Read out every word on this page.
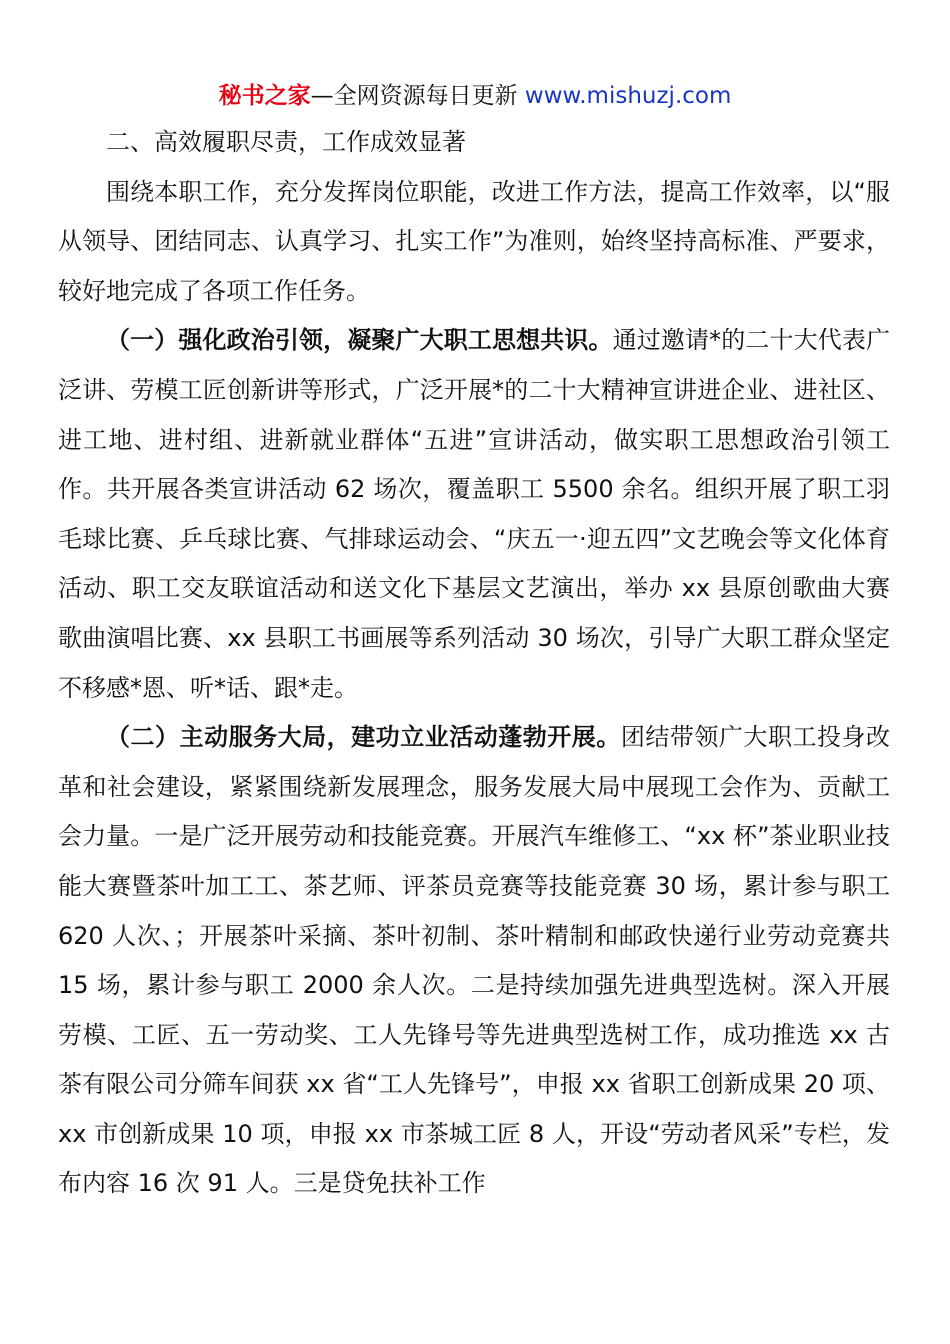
秘书之家—全网资源每日更新 www.mishuzj.com

二、高效履职尽责，工作成效显著

围绕本职工作，充分发挥岗位职能，改进工作方法，提高工作效率，以“服从领导、团结同志、认真学习、扎实工作”为准则，始终坚持高标准、严要求，较好地完成了各项工作任务。

（一）强化政治引领，凝聚广大职工思想共识。通过邀请*的二十大代表广泛讲、劳模工匠创新讲等形式，广泛开展*的二十大精神宣讲进企业、进社区、进工地、进村组、进新就业群体“五进”宣讲活动，做实职工思想政治引领工作。共开展各类宣讲活动 62 场次，覆盖职工 5500 余名。组织开展了职工羽毛球比赛、乒乓球比赛、气排球运动会、“庆五一·迎五四”文艺晚会等文化体育活动、职工交友联谊活动和送文化下基层文艺演出，举办 xx 县原创歌曲大赛歌曲演唱比赛、xx 县职工书画展等系列活动 30 场次，引导广大职工群众坚定不移感*恩、听*话、跟*走。

（二）主动服务大局，建功立业活动蓬勃开展。团结带领广大职工投身改革和社会建设，紧紧围绕新发展理念，服务发展大局中展现工会作为、贡献工会力量。一是广泛开展劳动和技能竞赛。开展汽车维修工、“xx 杯”茶业职业技能大赛暨茶叶加工工、茶艺师、评茶员竞赛等技能竞赛 30 场，累计参与职工 620 人次、；开展茶叶采摘、茶叶初制、茶叶精制和邮政快递行业劳动竞赛共 15 场，累计参与职工 2000 余人次。二是持续加强先进典型选树。深入开展劳模、工匠、五一劳动奖、工人先锋号等先进典型选树工作，成功推选 xx 古茶有限公司分筛车间获 xx 省“工人先锋号”，申报 xx 省职工创新成果 20 项、xx 市创新成果 10 项，申报 xx 市茶城工匠 8 人，开设“劳动者风采”专栏，发布内容 16 次 91 人。三是贷免扶补工作
